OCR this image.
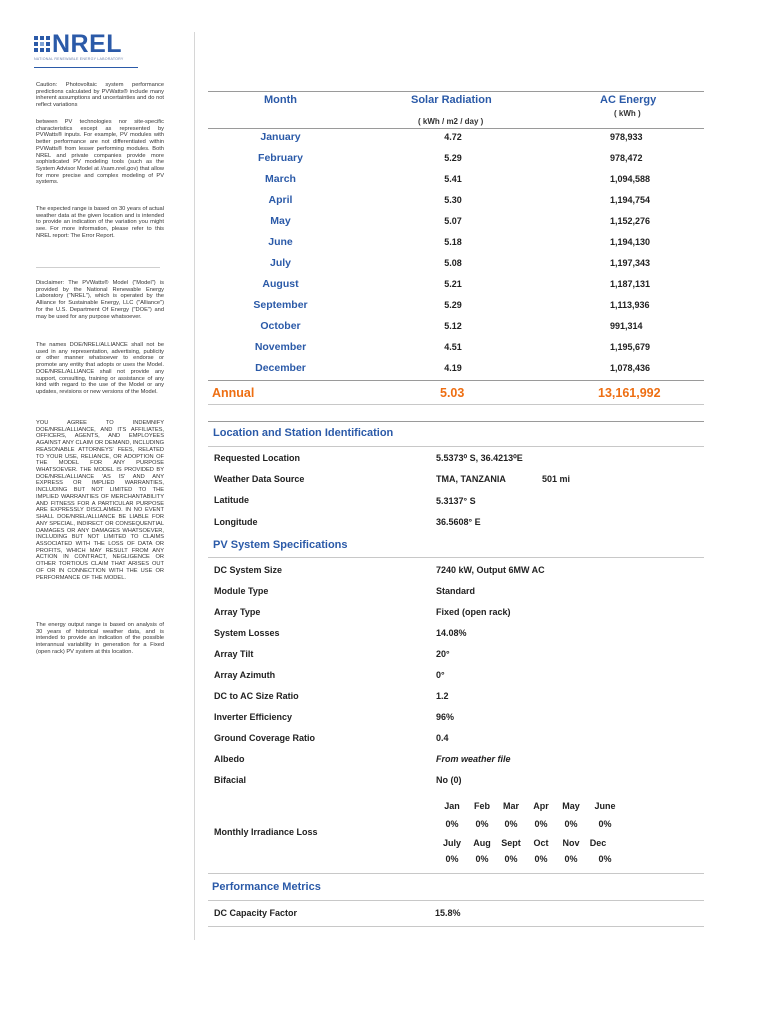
NREL
NATIONAL RENEWABLE ENERGY LABORATORY

Caution: Photovoltaic system performance predictions calculated by PVWatts® include many inherent assumptions and uncertainties and do not reflect variations

between PV technologies nor site-specific characteristics except as represented by PVWatts® inputs. For example, PV modules with better performance are not differentiated within PVWatts® from lesser performing modules. Both NREL and private companies provide more sophisticated PV modeling tools (such as the System Advisor Model at //sam.nrel.gov) that allow for more precise and complex modeling of PV systems.

The expected range is based on 30 years of actual weather data at the given location and is intended to provide an indication of the variation you might see. For more information, please refer to this NREL report: The Error Report.

Disclaimer: The PVWatts® Model ("Model") is provided by the National Renewable Energy Laboratory ("NREL"), which is operated by the Alliance for Sustainable Energy, LLC ("Alliance") for the U.S. Department Of Energy ("DOE") and may be used for any purpose whatsoever.

The names DOE/NREL/ALLIANCE shall not be used in any representation, advertising, publicity or other manner whatsoever to endorse or promote any entity that adopts or uses the Model. DOE/NREL/ALLIANCE shall not provide any support, consulting, training or assistance of any kind with regard to the use of the Model or any updates, revisions or new versions of the Model.

YOU AGREE TO INDEMNIFY DOE/NREL/ALLIANCE, AND ITS AFFILIATES, OFFICERS, AGENTS, AND EMPLOYEES AGAINST ANY CLAIM OR DEMAND, INCLUDING REASONABLE ATTORNEYS' FEES, RELATED TO YOUR USE, RELIANCE, OR ADOPTION OF THE MODEL FOR ANY PURPOSE WHATSOEVER. THE MODEL IS PROVIDED BY DOE/NREL/ALLIANCE 'AS IS' AND ANY EXPRESS OR IMPLIED WARRANTIES, INCLUDING BUT NOT LIMITED TO THE IMPLIED WARRANTIES OF MERCHANTABILITY AND FITNESS FOR A PARTICULAR PURPOSE ARE EXPRESSLY DISCLAIMED. IN NO EVENT SHALL DOE/NREL/ALLIANCE BE LIABLE FOR ANY SPECIAL, INDIRECT OR CONSEQUENTIAL DAMAGES OR ANY DAMAGES WHATSOEVER, INCLUDING BUT NOT LIMITED TO CLAIMS ASSOCIATED WITH THE LOSS OF DATA OR PROFITS, WHICH MAY RESULT FROM ANY ACTION IN CONTRACT, NEGLIGENCE OR OTHER TORTIOUS CLAIM THAT ARISES OUT OF OR IN CONNECTION WITH THE USE OR PERFORMANCE OF THE MODEL.

The energy output range is based on analysis of 30 years of historical weather data, and is intended to provide an indication of the possible interannual variability in generation for a Fixed (open rack) PV system at this location.

Month	Solar Radiation	AC Energy
( kWh / m2 / day )
( kWh )
January	4.72	978,933
February	5.29	978,472
March	5.41	1,094,588
April	5.30	1,194,754
May	5.07	1,152,276
June	5.18	1,194,130
July	5.08	1,197,343
August	5.21	1,187,131
September	5.29	1,113,936
October	5.12	991,314
November	4.51	1,195,679
December	4.19	1,078,436
Annual	5.03	13,161,992
Location and Station Identification
Requested Location	5.5373⁰ S, 36.4213⁰E
Weather Data Source	TMA, TANZANIA	501 mi
Latitude	5.3137° S
Longitude	36.5608° E
PV System Specifications
DC System Size	7240 kW, Output 6MW AC
Module Type	Standard
Array Type	Fixed (open rack)
System Losses	14.08%
Array Tilt	20°
Array Azimuth	0°
DC to AC Size Ratio	1.2
Inverter Efficiency	96%
Ground Coverage Ratio	0.4
Albedo	From weather file
Bifacial	No (0)
Monthly Irradiance Loss
Jan	Feb	Mar	Apr	May	June
0%	0%	0%	0%	0%	0%
July	Aug	Sept	Oct	Nov	Dec
0%	0%	0%	0%	0%	0%
Performance Metrics
DC Capacity Factor	15.8%
